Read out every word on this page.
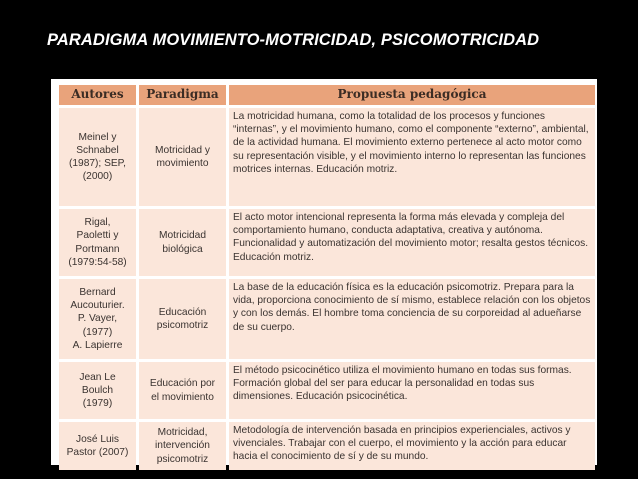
PARADIGMA MOVIMIENTO-MOTRICIDAD, PSICOMOTRICIDAD
Autores	Paradigma	Propuesta pedagógica
Meinel y
Schnabel
(1987); SEP,
(2000)
Motricidad y
movimiento
La motricidad humana, como la totalidad de los procesos y funciones “internas”, y el movimiento humano, como el componente “externo”, ambiental, de la actividad humana. El movimiento externo pertenece al acto motor como su representación visible, y el movimiento interno lo representan las funciones motrices internas. Educación motriz.
Rigal,
Paoletti y
Portmann
(1979:54-58)
Motricidad
biológica
El acto motor intencional representa la forma más elevada y compleja del comportamiento humano, conducta adaptativa, creativa y autónoma. Funcionalidad y automatización del movimiento motor; resalta gestos técnicos. Educación motriz.
Bernard
Aucouturier.
P. Vayer,
(1977)
A. Lapierre
Educación
psicomotriz
La base de la educación física es la educación psicomotriz. Prepara para la vida, proporciona conocimiento de sí mismo, establece relación con los objetos y con los demás. El hombre toma conciencia de su corporeidad al adueñarse de su cuerpo.
Jean Le
Boulch
(1979)
Educación por
el movimiento
El método psicocinético utiliza el movimiento humano en todas sus formas. Formación global del ser para educar la personalidad en todas sus dimensiones. Educación psicocinética.
José Luis
Pastor (2007)
Motricidad,
intervención
psicomotriz
Metodología de intervención basada en principios experienciales, activos y vivenciales. Trabajar con el cuerpo, el movimiento y la acción para educar hacia el conocimiento de sí y de su mundo.
